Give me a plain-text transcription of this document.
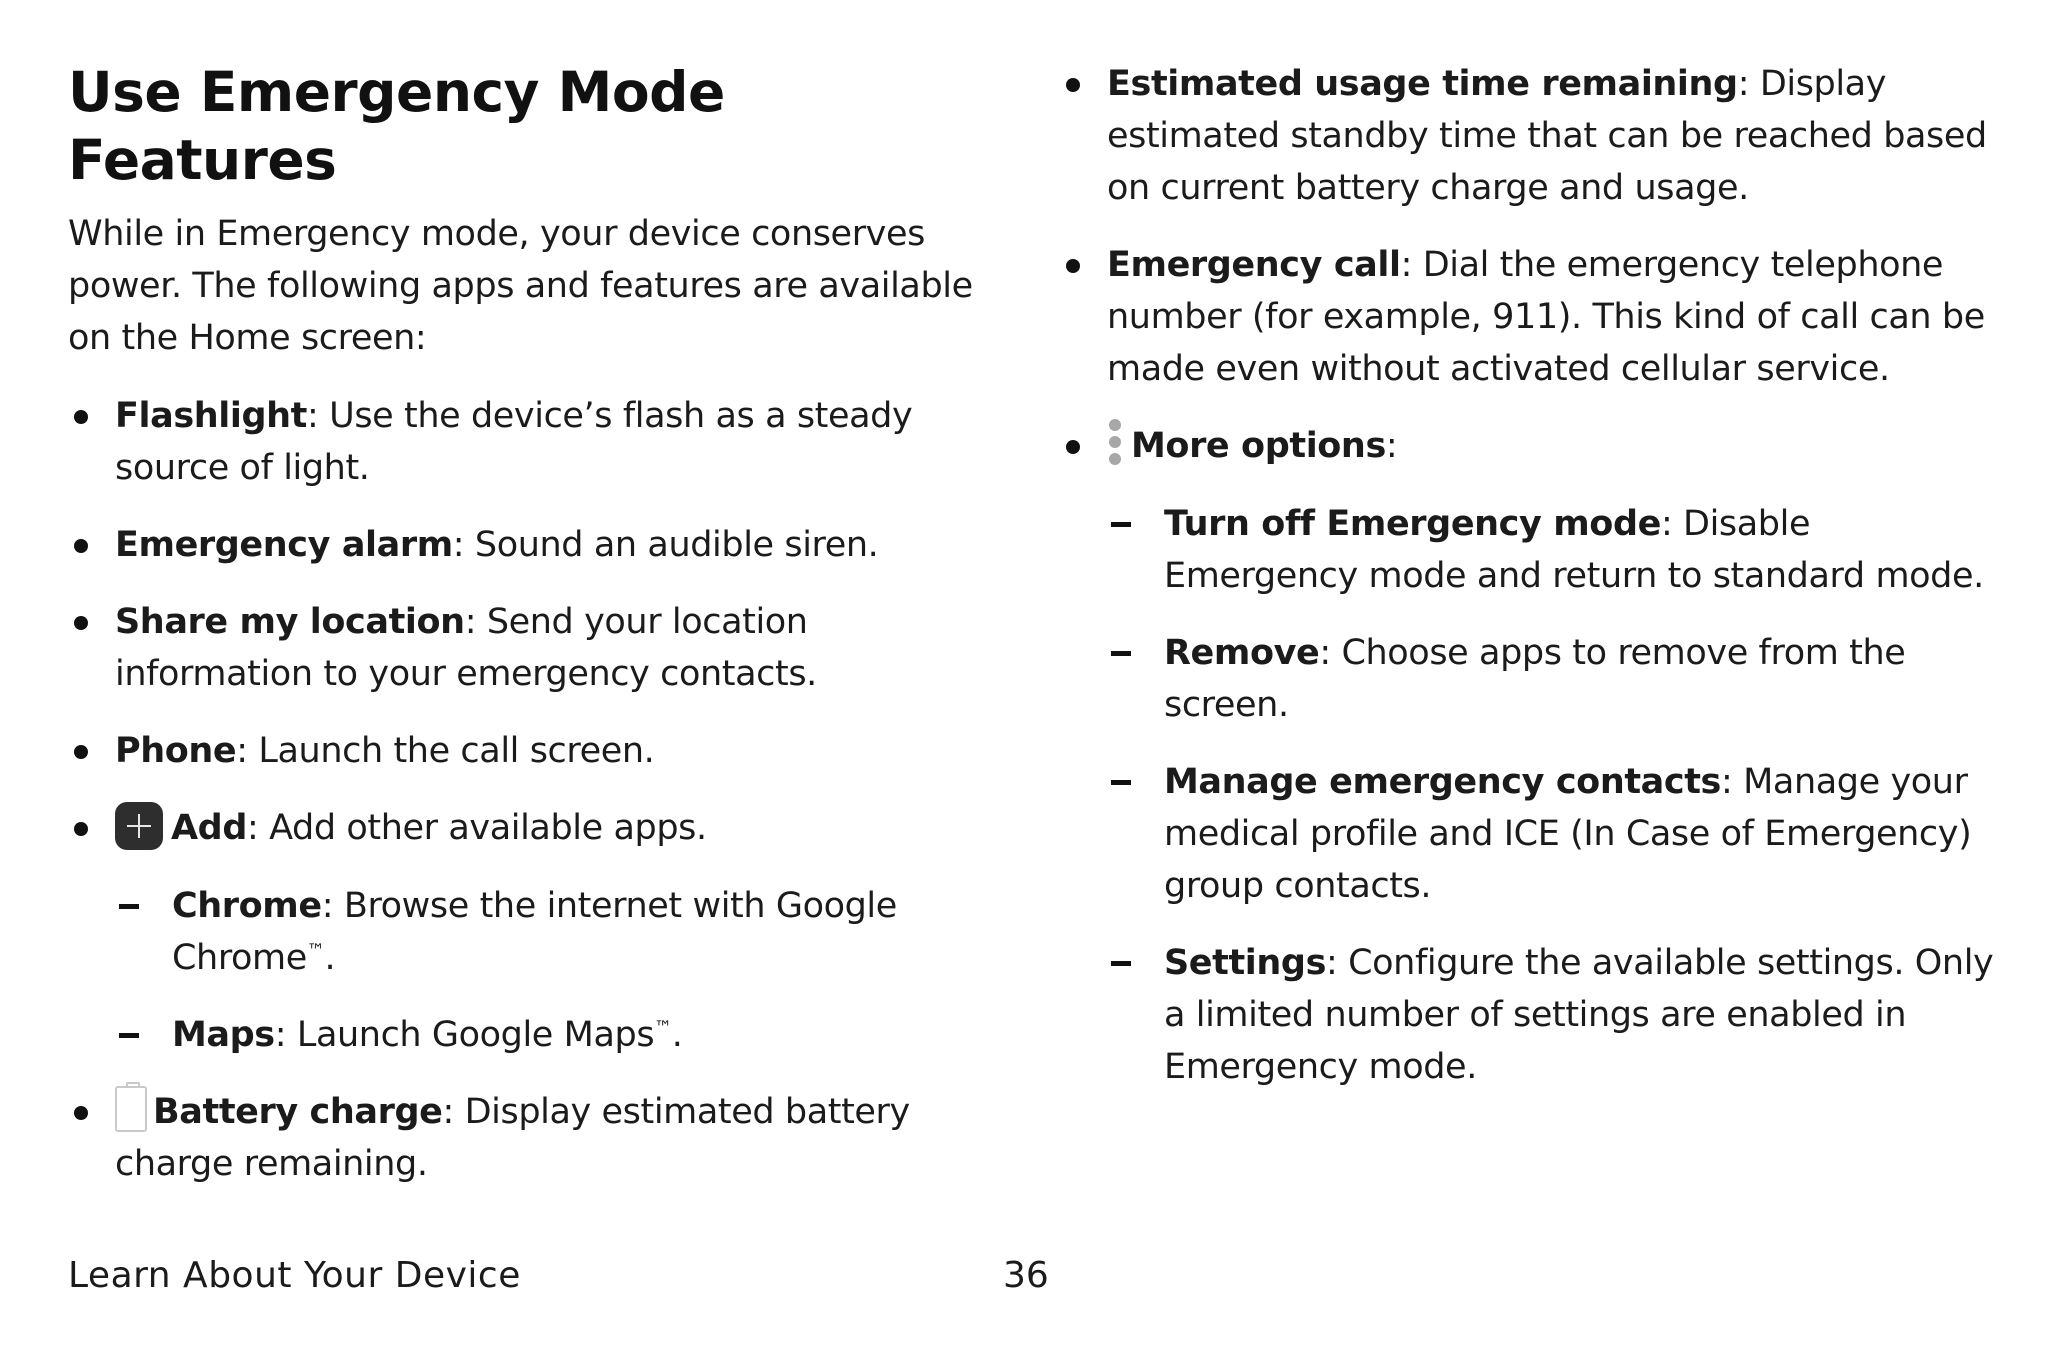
Use Emergency Mode Features

While in Emergency mode, your device conserves power. The following apps and features are available on the Home screen:

Flashlight: Use the device’s flash as a steady source of light.
Emergency alarm: Sound an audible siren.
Share my location: Send your location information to your emergency contacts.
Phone: Launch the call screen.
Add: Add other available apps.
Chrome: Browse the internet with Google Chrome™.
Maps: Launch Google Maps™.
Battery charge: Display estimated battery charge remaining.
Estimated usage time remaining: Display estimated standby time that can be reached based on current battery charge and usage.
Emergency call: Dial the emergency telephone number (for example, 911). This kind of call can be made even without activated cellular service.
More options:
Turn off Emergency mode: Disable Emergency mode and return to standard mode.
Remove: Choose apps to remove from the screen.
Manage emergency contacts: Manage your medical profile and ICE (In Case of Emergency) group contacts.
Settings: Configure the available settings. Only a limited number of settings are enabled in Emergency mode.
Learn About Your Device	36
